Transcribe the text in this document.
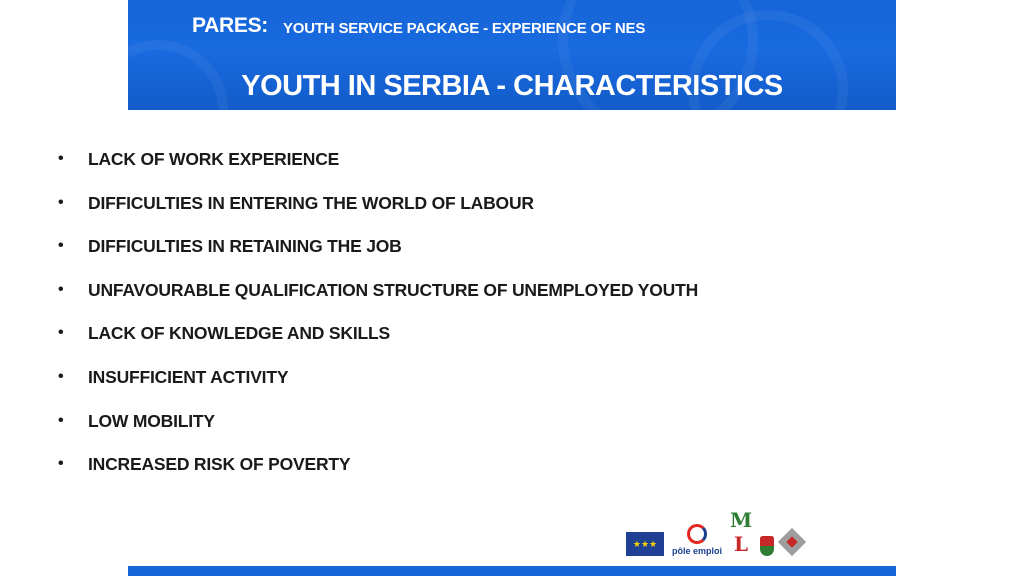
PARES: YOUTH SERVICE PACKAGE - EXPERIENCE OF NES
YOUTH IN SERBIA - CHARACTERISTICS
•	LACK OF WORK EXPERIENCE
•	DIFFICULTIES IN ENTERING THE WORLD OF LABOUR
•	DIFFICULTIES IN RETAINING THE JOB
•	UNFAVOURABLE QUALIFICATION STRUCTURE OF UNEMPLOYED YOUTH
•	LACK OF KNOWLEDGE AND SKILLS
•	INSUFFICIENT ACTIVITY
•	LOW MOBILITY
•	INCREASED RISK OF POVERTY
★★★
pôle emploi
M
L
